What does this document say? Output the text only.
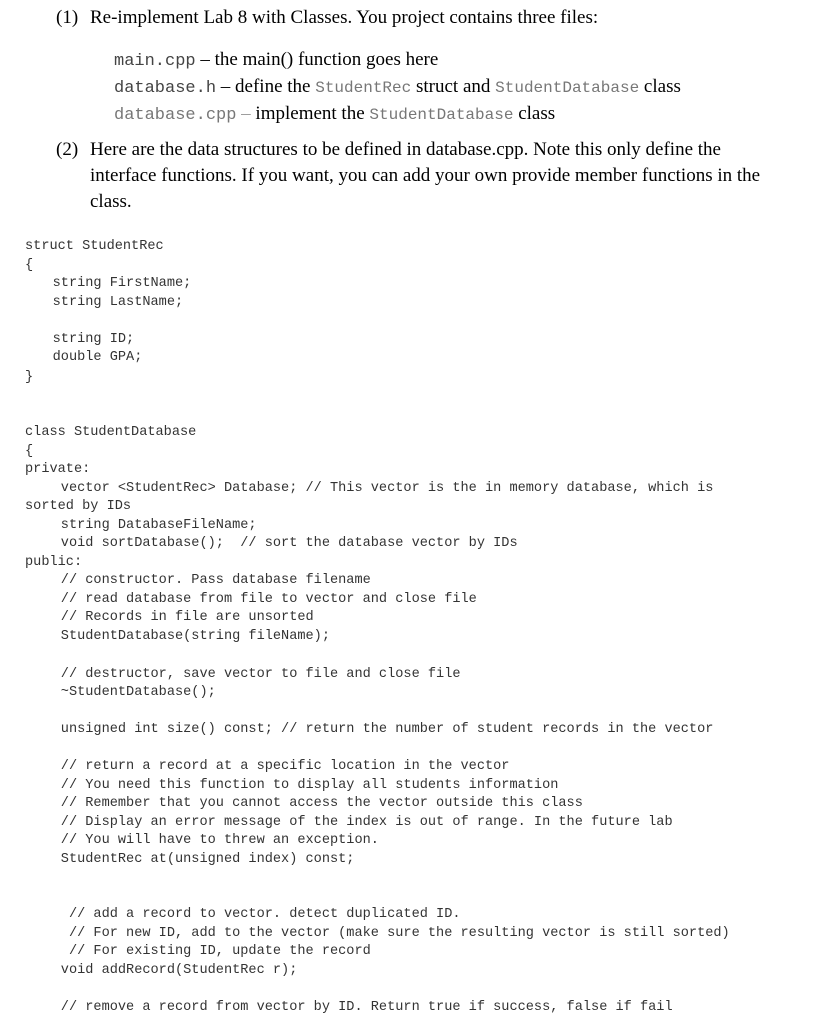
(1) Re-implement Lab 8 with Classes. You project contains three files:

main.cpp – the main() function goes here

database.h – define the StudentRec struct and StudentDatabase class

database.cpp – implement the StudentDatabase class

(2) Here are the data structures to be defined in database.cpp. Note this only define the
interface functions. If you want, you can add your own provide member functions in the
class.
struct StudentRec
{
string FirstName;
string LastName;
string ID;
double GPA;
}
class StudentDatabase
{
private:
vector <StudentRec> Database; // This vector is the in memory database, which is
sorted by IDs
string DatabaseFileName;
void sortDatabase();  // sort the database vector by IDs
public:
// constructor. Pass database filename
// read database from file to vector and close file
// Records in file are unsorted
StudentDatabase(string fileName);
// destructor, save vector to file and close file
~StudentDatabase();
unsigned int size() const; // return the number of student records in the vector
// return a record at a specific location in the vector
// You need this function to display all students information
// Remember that you cannot access the vector outside this class
// Display an error message of the index is out of range. In the future lab
// You will have to threw an exception.
StudentRec at(unsigned index) const;
// add a record to vector. detect duplicated ID.
// For new ID, add to the vector (make sure the resulting vector is still sorted)
// For existing ID, update the record
void addRecord(StudentRec r);
// remove a record from vector by ID. Return true if success, false if fail
